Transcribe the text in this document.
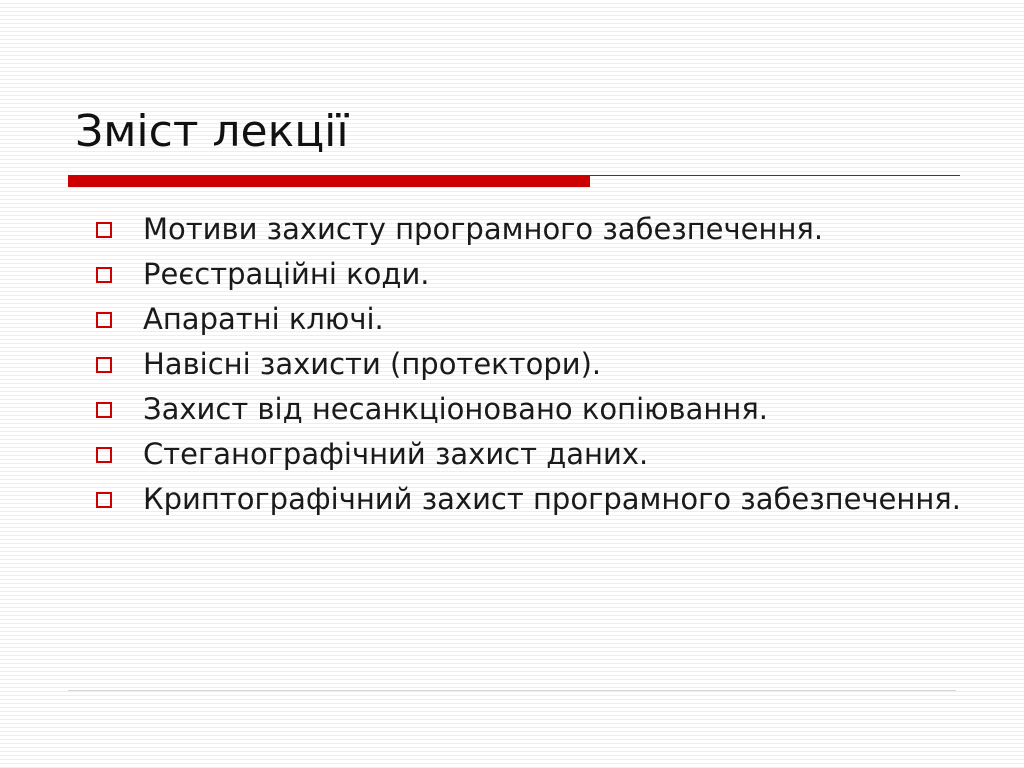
Зміст лекції
Мотиви захисту програмного забезпечення.
Реєстраційні коди.
Апаратні ключі.
Навісні захисти (протектори).
Захист від несанкціоновано копіювання.
Стеганографічний захист даних.
Криптографічний захист програмного забезпечення.
